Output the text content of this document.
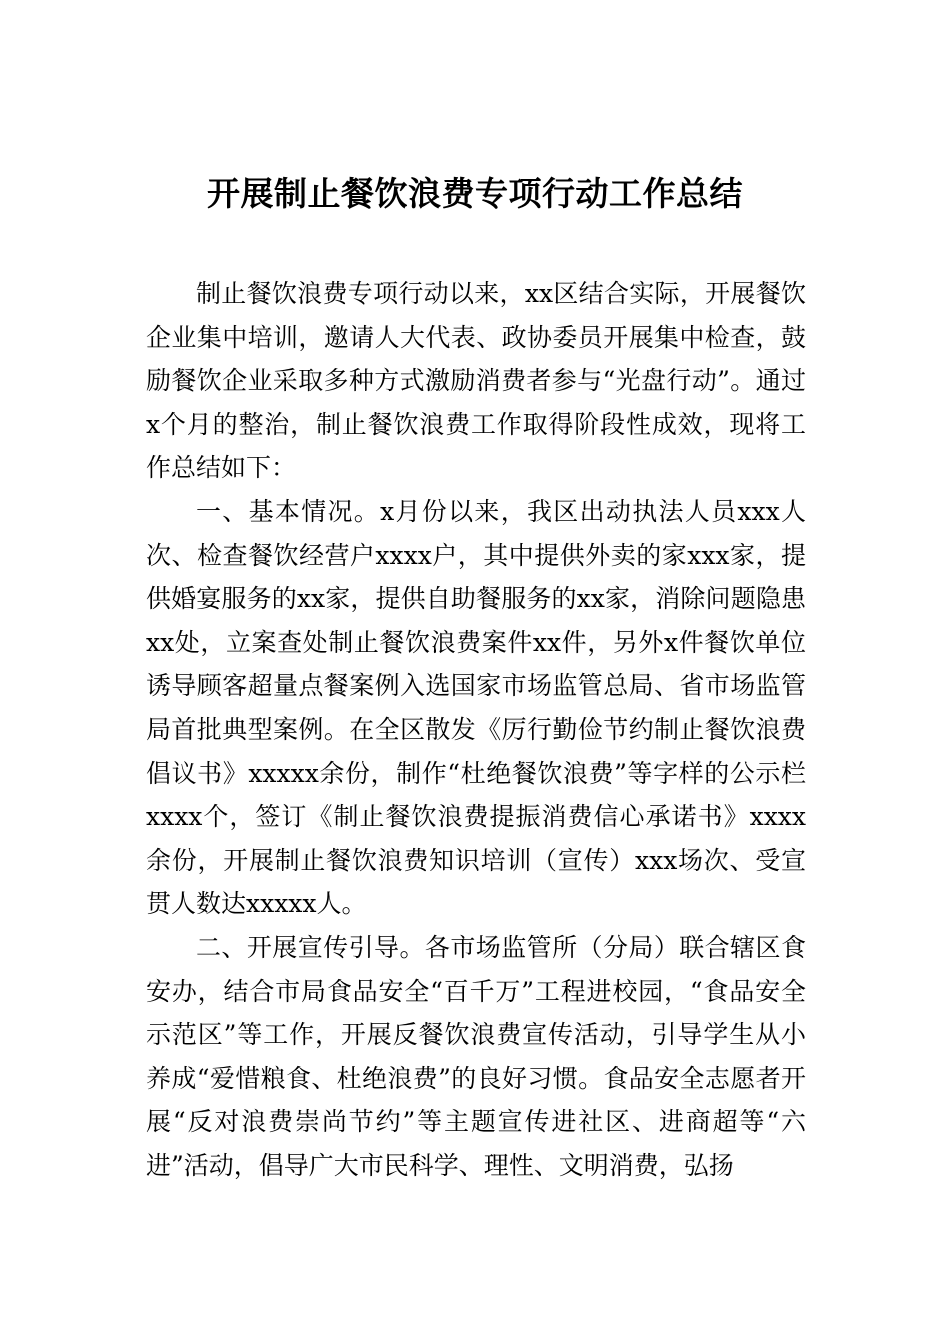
开展制止餐饮浪费专项行动工作总结

制止餐饮浪费专项行动以来，xx区结合实际，开展餐饮企业集中培训，邀请人大代表、政协委员开展集中检查，鼓励餐饮企业采取多种方式激励消费者参与“光盘行动”。通过x个月的整治，制止餐饮浪费工作取得阶段性成效，现将工作总结如下：

一、基本情况。x月份以来，我区出动执法人员xxx人次、检查餐饮经营户xxxx户，其中提供外卖的家xxx家，提供婚宴服务的xx家，提供自助餐服务的xx家，消除问题隐患xx处，立案查处制止餐饮浪费案件xx件，另外x件餐饮单位诱导顾客超量点餐案例入选国家市场监管总局、省市场监管局首批典型案例。在全区散发《厉行勤俭节约制止餐饮浪费倡议书》xxxxx余份，制作“杜绝餐饮浪费”等字样的公示栏xxxx个，签订《制止餐饮浪费提振消费信心承诺书》xxxx余份，开展制止餐饮浪费知识培训（宣传）xxx场次、受宣贯人数达xxxxx人。

二、开展宣传引导。各市场监管所（分局）联合辖区食安办，结合市局食品安全“百千万”工程进校园，“食品安全示范区”等工作，开展反餐饮浪费宣传活动，引导学生从小养成“爱惜粮食、杜绝浪费”的良好习惯。食品安全志愿者开展“反对浪费崇尚节约”等主题宣传进社区、进商超等“六进”活动，倡导广大市民科学、理性、文明消费，弘扬
